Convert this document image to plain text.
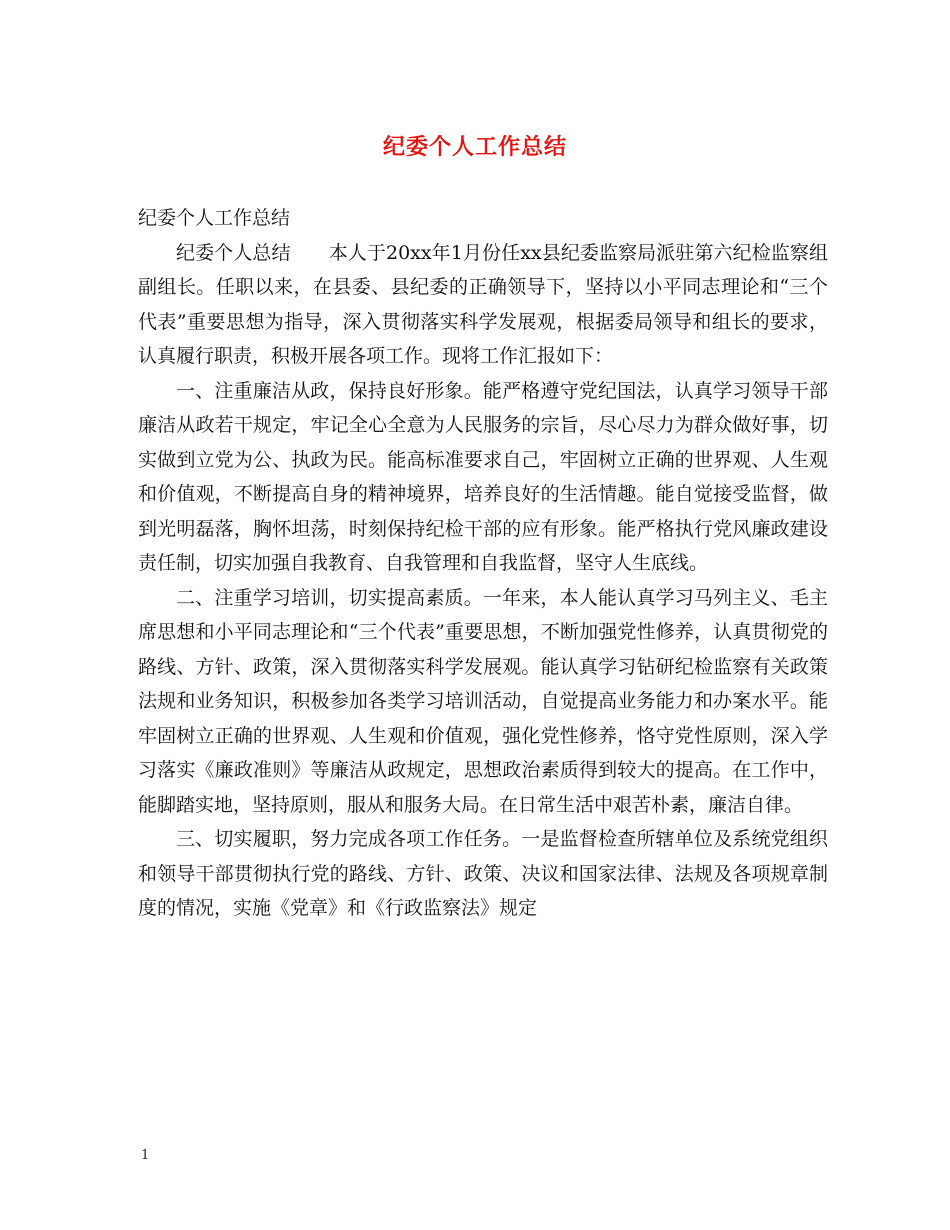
纪委个人工作总结

纪委个人工作总结

纪委个人总结　　本人于20xx年1月份任xx县纪委监察局派驻第六纪检监察组副组长。任职以来，在县委、县纪委的正确领导下，坚持以小平同志理论和“三个代表”重要思想为指导，深入贯彻落实科学发展观，根据委局领导和组长的要求，认真履行职责，积极开展各项工作。现将工作汇报如下：

一、注重廉洁从政，保持良好形象。能严格遵守党纪国法，认真学习领导干部廉洁从政若干规定，牢记全心全意为人民服务的宗旨，尽心尽力为群众做好事，切实做到立党为公、执政为民。能高标准要求自己，牢固树立正确的世界观、人生观和价值观，不断提高自身的精神境界，培养良好的生活情趣。能自觉接受监督，做到光明磊落，胸怀坦荡，时刻保持纪检干部的应有形象。能严格执行党风廉政建设责任制，切实加强自我教育、自我管理和自我监督，坚守人生底线。

二、注重学习培训，切实提高素质。一年来，本人能认真学习马列主义、毛主席思想和小平同志理论和“三个代表”重要思想，不断加强党性修养，认真贯彻党的路线、方针、政策，深入贯彻落实科学发展观。能认真学习钻研纪检监察有关政策法规和业务知识，积极参加各类学习培训活动，自觉提高业务能力和办案水平。能牢固树立正确的世界观、人生观和价值观，强化党性修养，恪守党性原则，深入学习落实《廉政准则》等廉洁从政规定，思想政治素质得到较大的提高。在工作中，能脚踏实地，坚持原则，服从和服务大局。在日常生活中艰苦朴素，廉洁自律。

三、切实履职，努力完成各项工作任务。一是监督检查所辖单位及系统党组织和领导干部贯彻执行党的路线、方针、政策、决议和国家法律、法规及各项规章制度的情况，实施《党章》和《行政监察法》规定

1
